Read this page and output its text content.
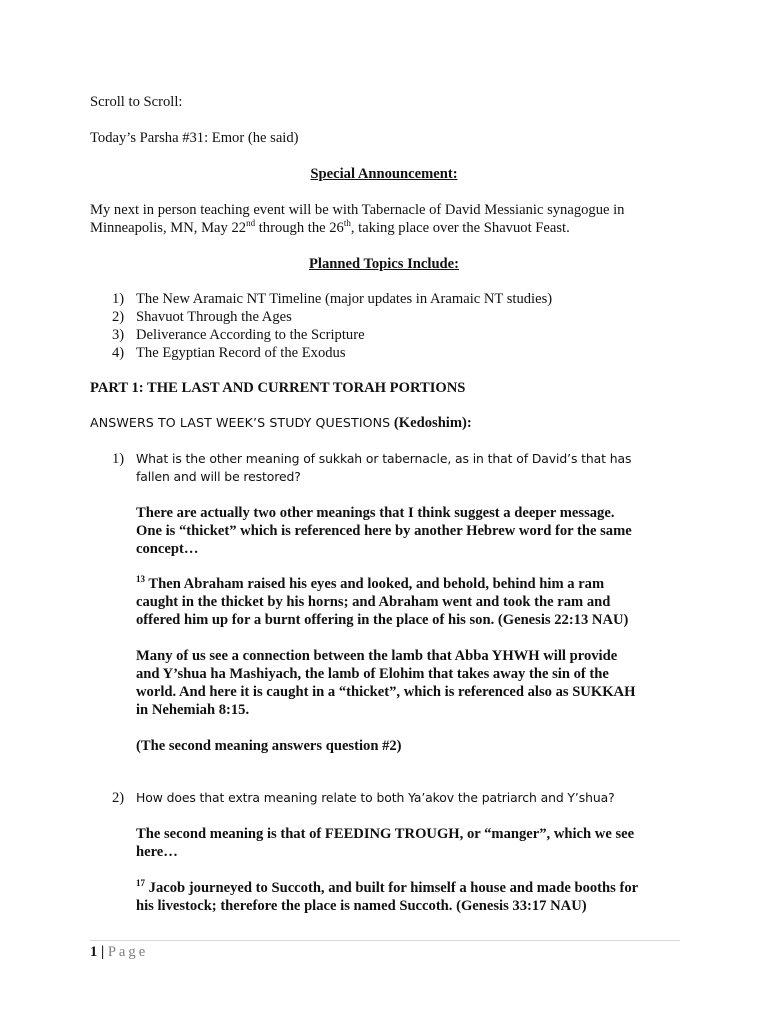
Scroll to Scroll:

Today’s Parsha #31: Emor (he said)

Special Announcement:

My next in person teaching event will be with Tabernacle of David Messianic synagogue in

Minneapolis, MN, May 22nd through the 26th, taking place over the Shavuot Feast.

Planned Topics Include:

1) The New Aramaic NT Timeline (major updates in Aramaic NT studies)

2) Shavuot Through the Ages

3) Deliverance According to the Scripture

4) The Egyptian Record of the Exodus

PART 1: THE LAST AND CURRENT TORAH PORTIONS

ANSWERS TO LAST WEEK’S STUDY QUESTIONS (Kedoshim):

1) What is the other meaning of sukkah or tabernacle, as in that of David’s that has

fallen and will be restored?

There are actually two other meanings that I think suggest a deeper message.

One is “thicket” which is referenced here by another Hebrew word for the same

concept…

$^{13}$ Then Abraham raised his eyes and looked, and behold, behind him a ram

caught in the thicket by his horns; and Abraham went and took the ram and

offered him up for a burnt offering in the place of his son. (Genesis 22:13 NAU)

Many of us see a connection between the lamb that Abba YHWH will provide

and Y’shua ha Mashiyach, the lamb of Elohim that takes away the sin of the

world. And here it is caught in a “thicket”, which is referenced also as SUKKAH

in Nehemiah 8:15.

(The second meaning answers question #2)

2) How does that extra meaning relate to both Ya’akov the patriarch and Y’shua?

The second meaning is that of FEEDING TROUGH, or “manger”, which we see

here…

$^{17}$ Jacob journeyed to Succoth, and built for himself a house and made booths for

his livestock; therefore the place is named Succoth. (Genesis 33:17 NAU)

1 | Page
